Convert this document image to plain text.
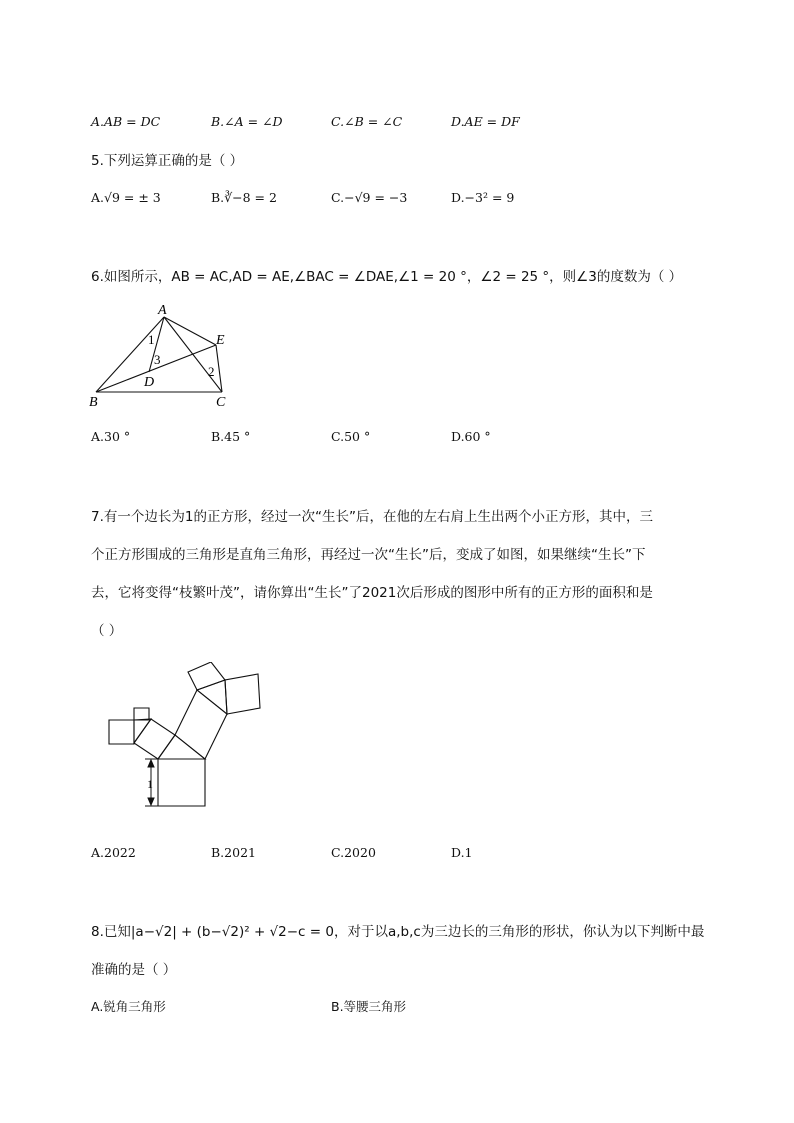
A.AB = DC	B.∠A = ∠D	C.∠B = ∠C	D.AE = DF
5.下列运算正确的是（ ）
A.√9 = ± 3	B.∛−8 = 2	C.−√9 = −3	D.−3² = 9
6.如图所示，AB = AC,AD = AE,∠BAC = ∠DAE,∠1 = 20 °，∠2 = 25 °，则∠3的度数为（ ）
A
E
1
3
D
2
B	C
A.30 °	B.45 °	C.50 °	D.60 °
7.有一个边长为1的正方形，经过一次“生长”后，在他的左右肩上生出两个小正方形，其中，三
个正方形围成的三角形是直角三角形，再经过一次“生长”后，变成了如图，如果继续“生长”下
去，它将变得“枝繁叶茂”，请你算出“生长”了2021次后形成的图形中所有的正方形的面积和是
（ ）
1
A.2022	B.2021	C.2020	D.1
8.已知|a−√2| + (b−√2)² + √2−c = 0，对于以a,b,c为三边长的三角形的形状，你认为以下判断中最
准确的是（ ）
A.锐角三角形	B.等腰三角形
